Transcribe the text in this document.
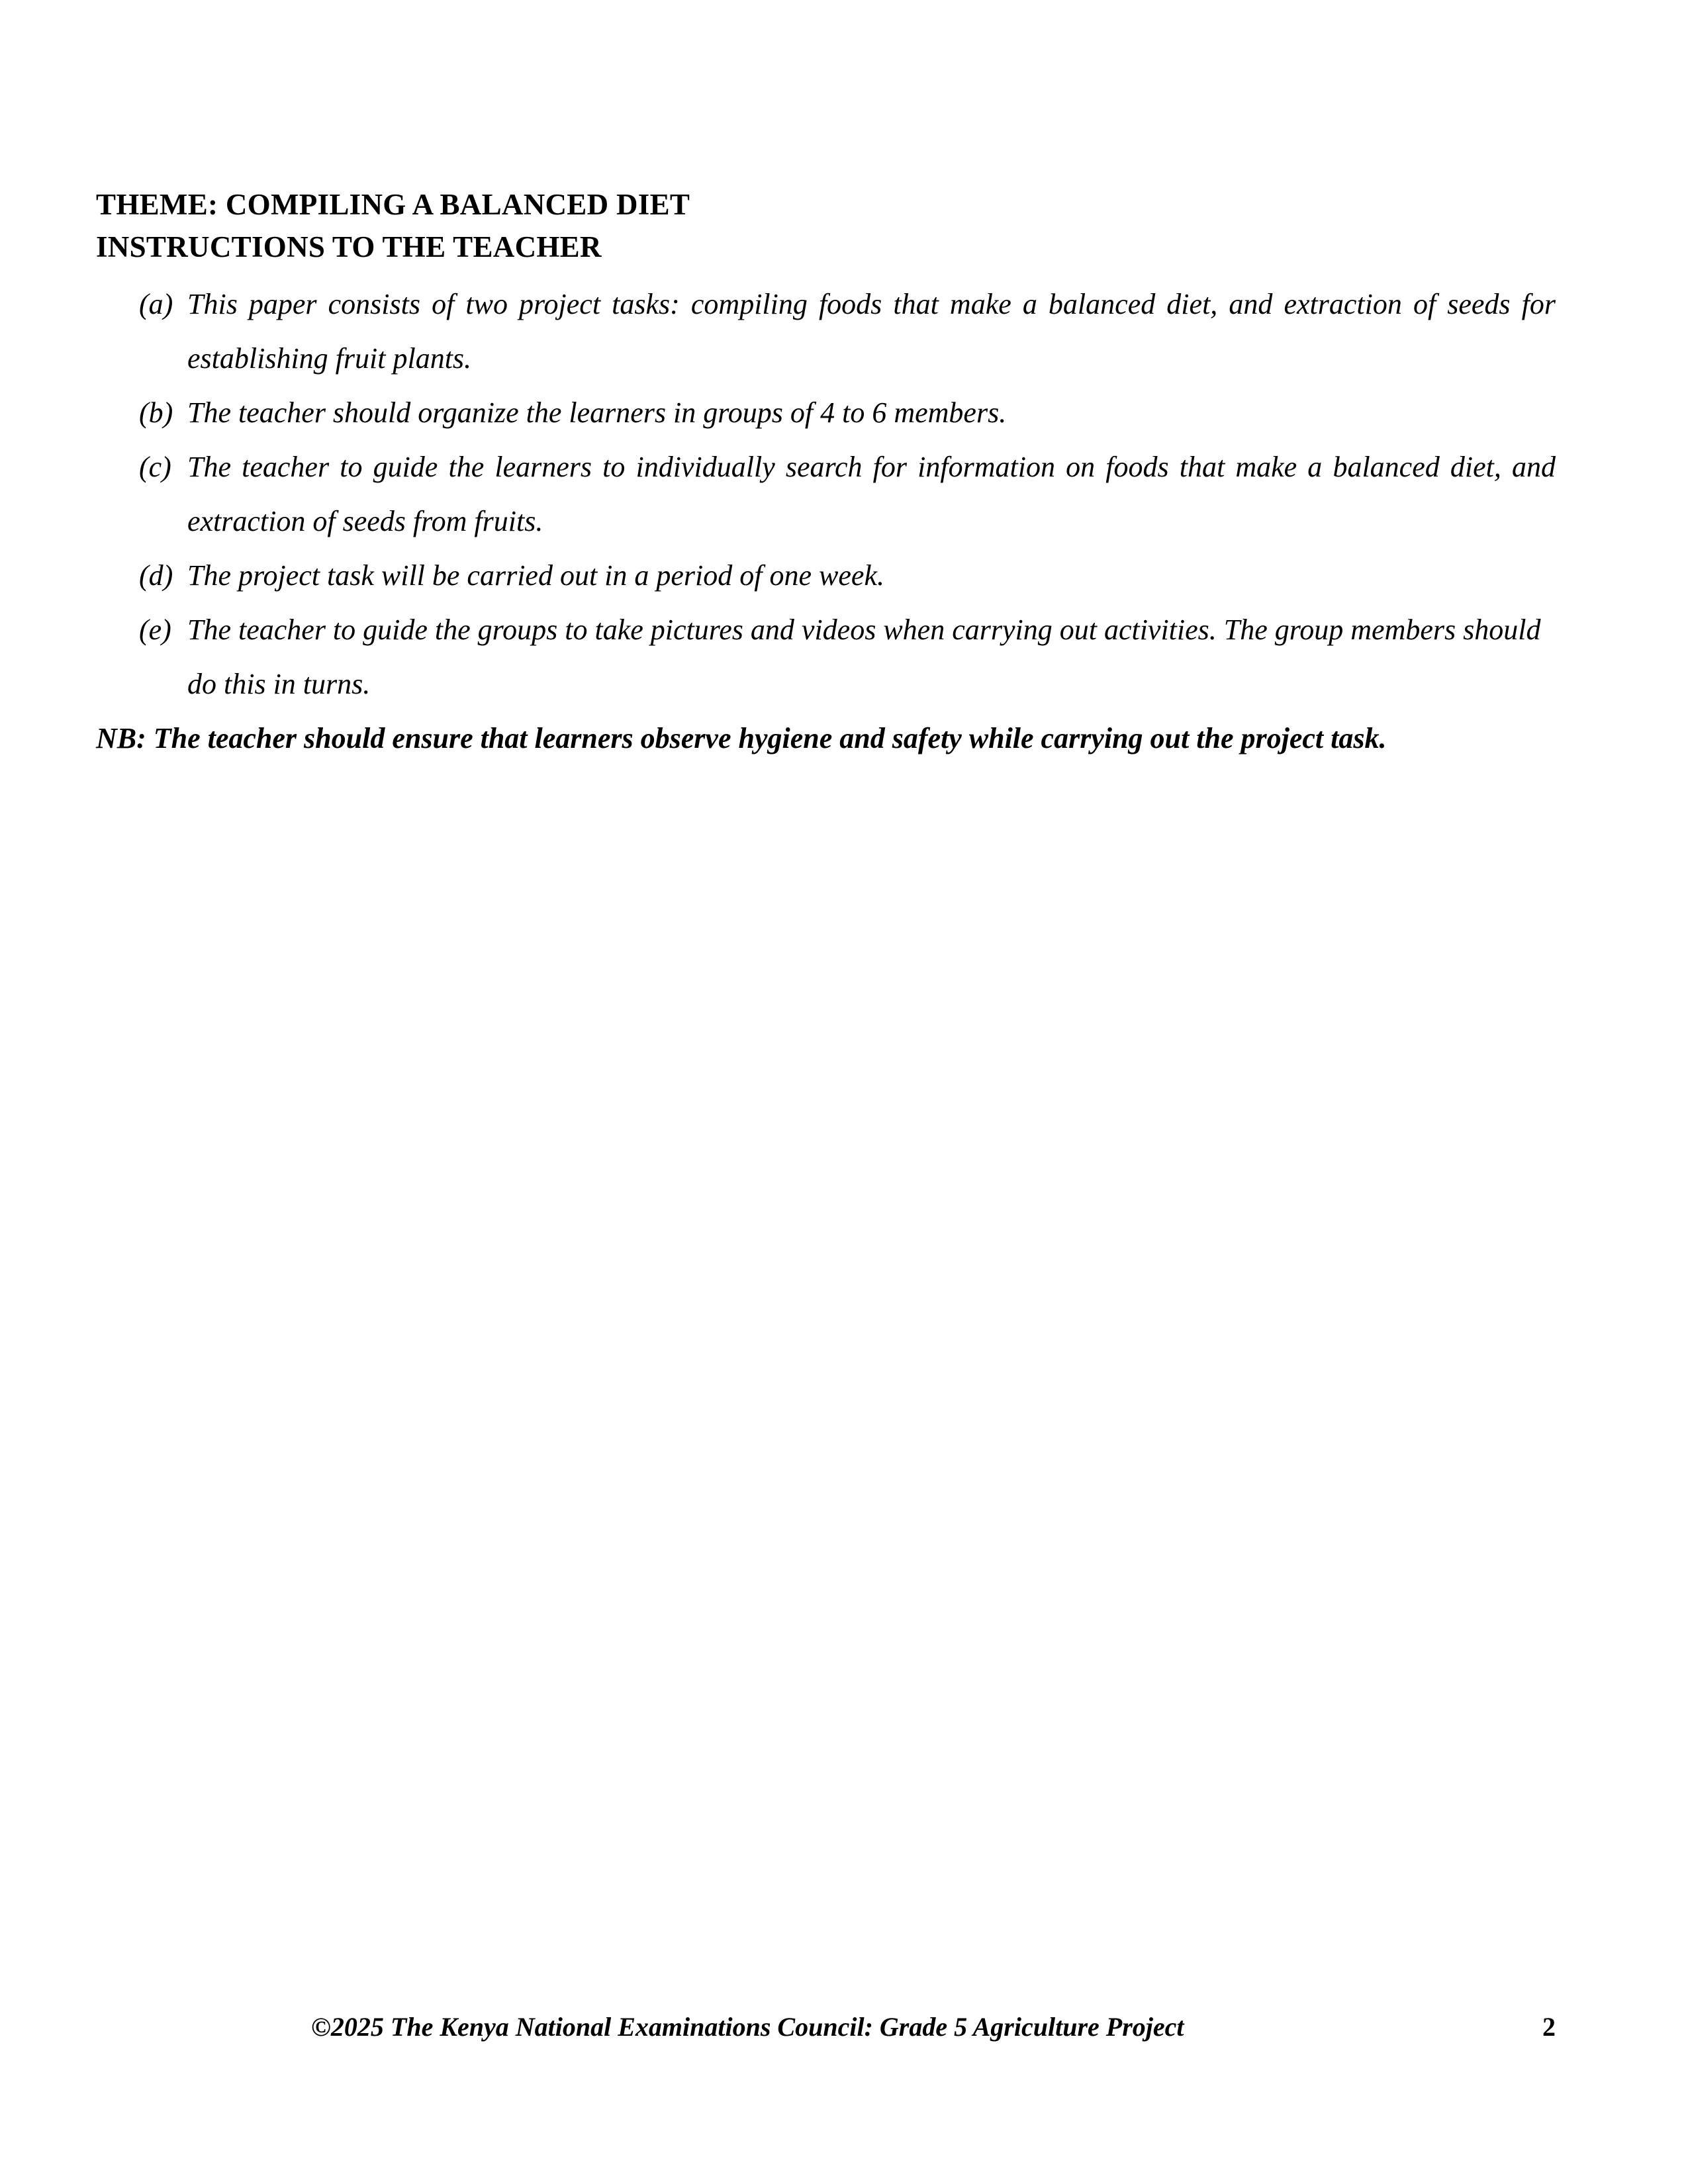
THEME: COMPILING A BALANCED DIET
INSTRUCTIONS TO THE TEACHER
(a) This paper consists of two project tasks: compiling foods that make a balanced diet, and extraction of seeds for establishing fruit plants.
(b) The teacher should organize the learners in groups of 4 to 6 members.
(c) The teacher to guide the learners to individually search for information on foods that make a balanced diet, and extraction of seeds from fruits.
(d) The project task will be carried out in a period of one week.
(e) The teacher to guide the groups to take pictures and videos when carrying out activities. The group members should do this in turns.

NB: The teacher should ensure that learners observe hygiene and safety while carrying out the project task.

©2025 The Kenya National Examinations Council: Grade 5 Agriculture Project	2
